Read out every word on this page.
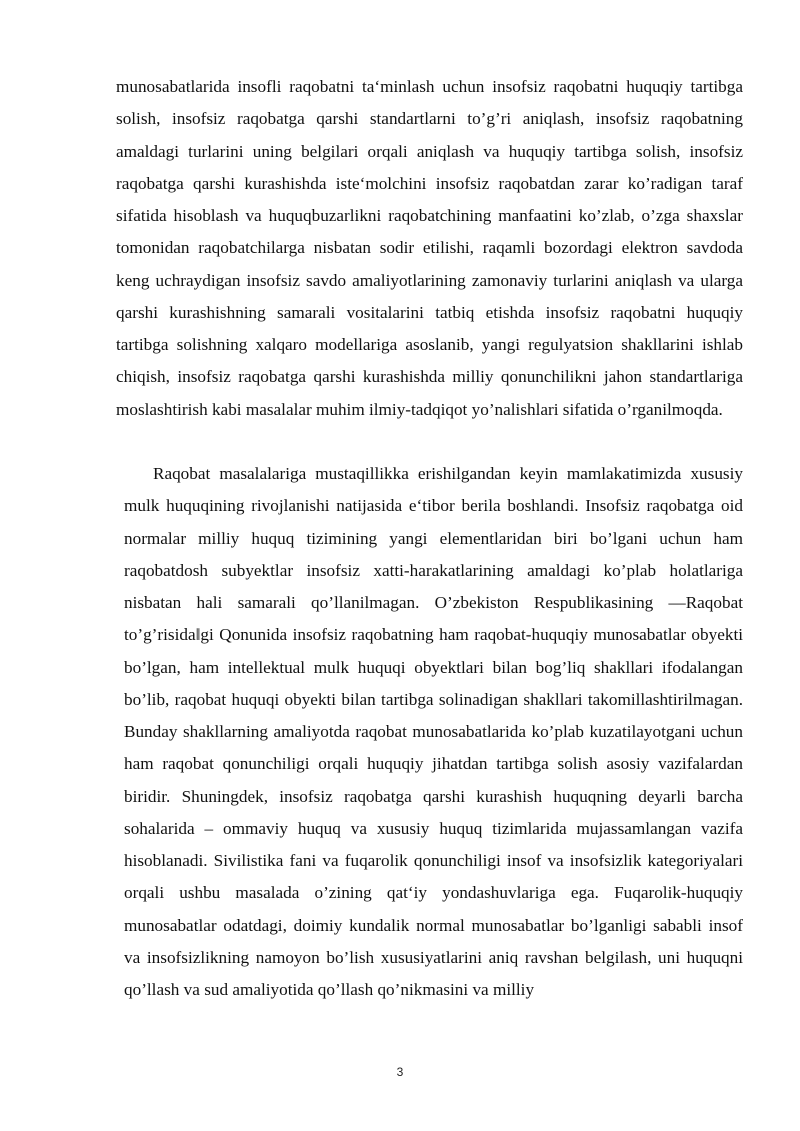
munosabatlarida insofli raqobatni ta‘minlash uchun insofsiz raqobatni huquqiy tartibga solish, insofsiz raqobatga qarshi standartlarni to’g’ri aniqlash, insofsiz raqobatning amaldagi turlarini uning belgilari orqali aniqlash va huquqiy tartibga solish, insofsiz raqobatga qarshi kurashishda iste‘molchini insofsiz raqobatdan zarar ko’radigan taraf sifatida hisoblash va huquqbuzarlikni raqobatchining manfaatini ko’zlab, o’zga shaxslar tomonidan raqobatchilarga nisbatan sodir etilishi, raqamli bozordagi elektron savdoda keng uchraydigan insofsiz savdo amaliyotlarining zamonaviy turlarini aniqlash va ularga qarshi kurashishning samarali vositalarini tatbiq etishda insofsiz raqobatni huquqiy tartibga solishning xalqaro modellariga asoslanib, yangi regulyatsion shakllarini ishlab chiqish, insofsiz raqobatga qarshi kurashishda milliy qonunchilikni jahon standartlariga moslashtirish kabi masalalar muhim ilmiy-tadqiqot yo’nalishlari sifatida o’rganilmoqda.

Raqobat masalalariga mustaqillikka erishilgandan keyin mamlakatimizda xususiy mulk huquqining rivojlanishi natijasida e‘tibor berila boshlandi. Insofsiz raqobatga oid normalar milliy huquq tizimining yangi elementlaridan biri bo’lgani uchun ham raqobatdosh subyektlar insofsiz xatti-harakatlarining amaldagi ko’plab holatlariga nisbatan hali samarali qo’llanilmagan. O’zbekiston Respublikasining ―Raqobat to’g’risida‖gi Qonunida insofsiz raqobatning ham raqobat-huquqiy munosabatlar obyekti bo’lgan, ham intellektual mulk huquqi obyektlari bilan bog’liq shakllari ifodalangan bo’lib, raqobat huquqi obyekti bilan tartibga solinadigan shakllari takomillashtirilmagan. Bunday shakllarning amaliyotda raqobat munosabatlarida ko’plab kuzatilayotgani uchun ham raqobat qonunchiligi orqali huquqiy jihatdan tartibga solish asosiy vazifalardan biridir. Shuningdek, insofsiz raqobatga qarshi kurashish huquqning deyarli barcha sohalarida – ommaviy huquq va xususiy huquq tizimlarida mujassamlangan vazifa hisoblanadi. Sivilistika fani va fuqarolik qonunchiligi insof va insofsizlik kategoriyalari orqali ushbu masalada o’zining qat‘iy yondashuvlariga ega. Fuqarolik-huquqiy munosabatlar odatdagi, doimiy kundalik normal munosabatlar bo’lganligi sababli insof va insofsizlikning namoyon bo’lish xususiyatlarini aniq ravshan belgilash, uni huquqni qo’llash va sud amaliyotida qo’llash qo’nikmasini va milliy

3
